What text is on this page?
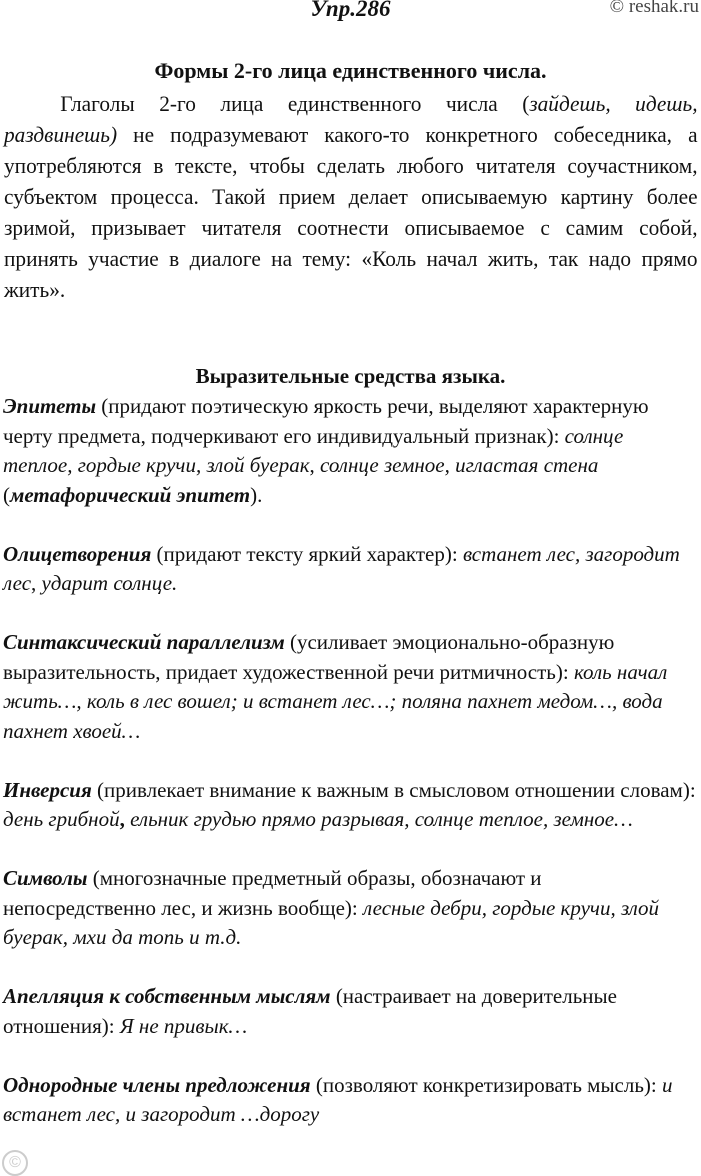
Упр.286	© reshak.ru
Формы 2-го лица единственного числа.
Глаголы 2-го лица единственного числа (зайдешь, идешь, раздвинешь) не подразумевают какого-то конкретного собеседника, а употребляются в тексте, чтобы сделать любого читателя соучастником, субъектом процесса. Такой прием делает описываемую картину более зримой, призывает читателя соотнести описываемое с самим собой, принять участие в диалоге на тему: «Коль начал жить, так надо прямо жить».
Выразительные средства языка.
Эпитеты (придают поэтическую яркость речи, выделяют характерную черту предмета, подчеркивают его индивидуальный признак): солнце теплое, гордые кручи, злой буерак, солнце земное, игластая стена (метафорический эпитет).
Олицетворения (придают тексту яркий характер): встанет лес, загородит лес, ударит солнце.
Синтаксический параллелизм (усиливает эмоционально-образную выразительность, придает художественной речи ритмичность): коль начал жить…, коль в лес вошел; и встанет лес…; поляна пахнет медом…, вода пахнет хвоей…
Инверсия (привлекает внимание к важным в смысловом отношении словам): день грибной, ельник грудью прямо разрывая, солнце теплое, земное…
Символы (многозначные предметный образы, обозначают и непосредственно лес, и жизнь вообще): лесные дебри, гордые кручи, злой буерак, мхи да топь и т.д.
Апелляция к собственным мыслям (настраивает на доверительные отношения): Я не привык…
Однородные члены предложения (позволяют конкретизировать мысль): и встанет лес, и загородит …дорогу
©
